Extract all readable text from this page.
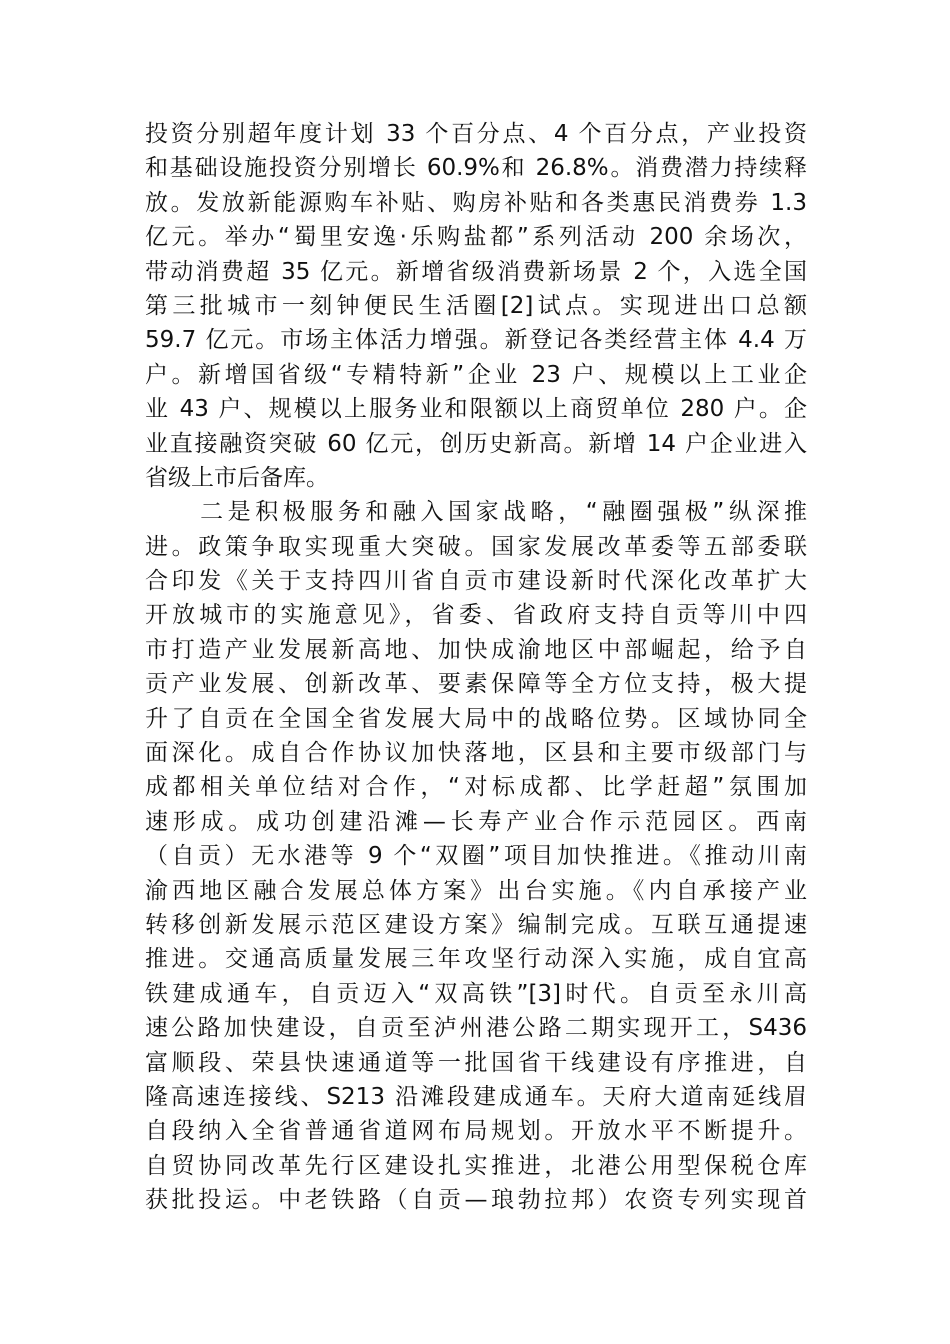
投资分别超年度计划 33 个百分点、4 个百分点，产业投资
和基础设施投资分别增长 60.9%和 26.8%。消费潜力持续释
放。发放新能源购车补贴、购房补贴和各类惠民消费券 1.3
亿元。举办“蜀里安逸·乐购盐都”系列活动 200 余场次，
带动消费超 35 亿元。新增省级消费新场景 2 个，入选全国
第三批城市一刻钟便民生活圈[2]试点。实现进出口总额
59.7 亿元。市场主体活力增强。新登记各类经营主体 4.4 万
户。新增国省级“专精特新”企业 23 户、规模以上工业企
业 43 户、规模以上服务业和限额以上商贸单位 280 户。企
业直接融资突破 60 亿元，创历史新高。新增 14 户企业进入
省级上市后备库。
　　二是积极服务和融入国家战略，“融圈强极”纵深推
进。政策争取实现重大突破。国家发展改革委等五部委联
合印发《关于支持四川省自贡市建设新时代深化改革扩大
开放城市的实施意见》，省委、省政府支持自贡等川中四
市打造产业发展新高地、加快成渝地区中部崛起，给予自
贡产业发展、创新改革、要素保障等全方位支持，极大提
升了自贡在全国全省发展大局中的战略位势。区域协同全
面深化。成自合作协议加快落地，区县和主要市级部门与
成都相关单位结对合作，“对标成都、比学赶超”氛围加
速形成。成功创建沿滩—长寿产业合作示范园区。西南
（自贡）无水港等 9 个“双圈”项目加快推进。《推动川南
渝西地区融合发展总体方案》出台实施。《内自承接产业
转移创新发展示范区建设方案》编制完成。互联互通提速
推进。交通高质量发展三年攻坚行动深入实施，成自宜高
铁建成通车，自贡迈入“双高铁”[3]时代。自贡至永川高
速公路加快建设，自贡至泸州港公路二期实现开工，S436
富顺段、荣县快速通道等一批国省干线建设有序推进，自
隆高速连接线、S213 沿滩段建成通车。天府大道南延线眉
自段纳入全省普通省道网布局规划。开放水平不断提升。
自贸协同改革先行区建设扎实推进，北港公用型保税仓库
获批投运。中老铁路（自贡—琅勃拉邦）农资专列实现首
